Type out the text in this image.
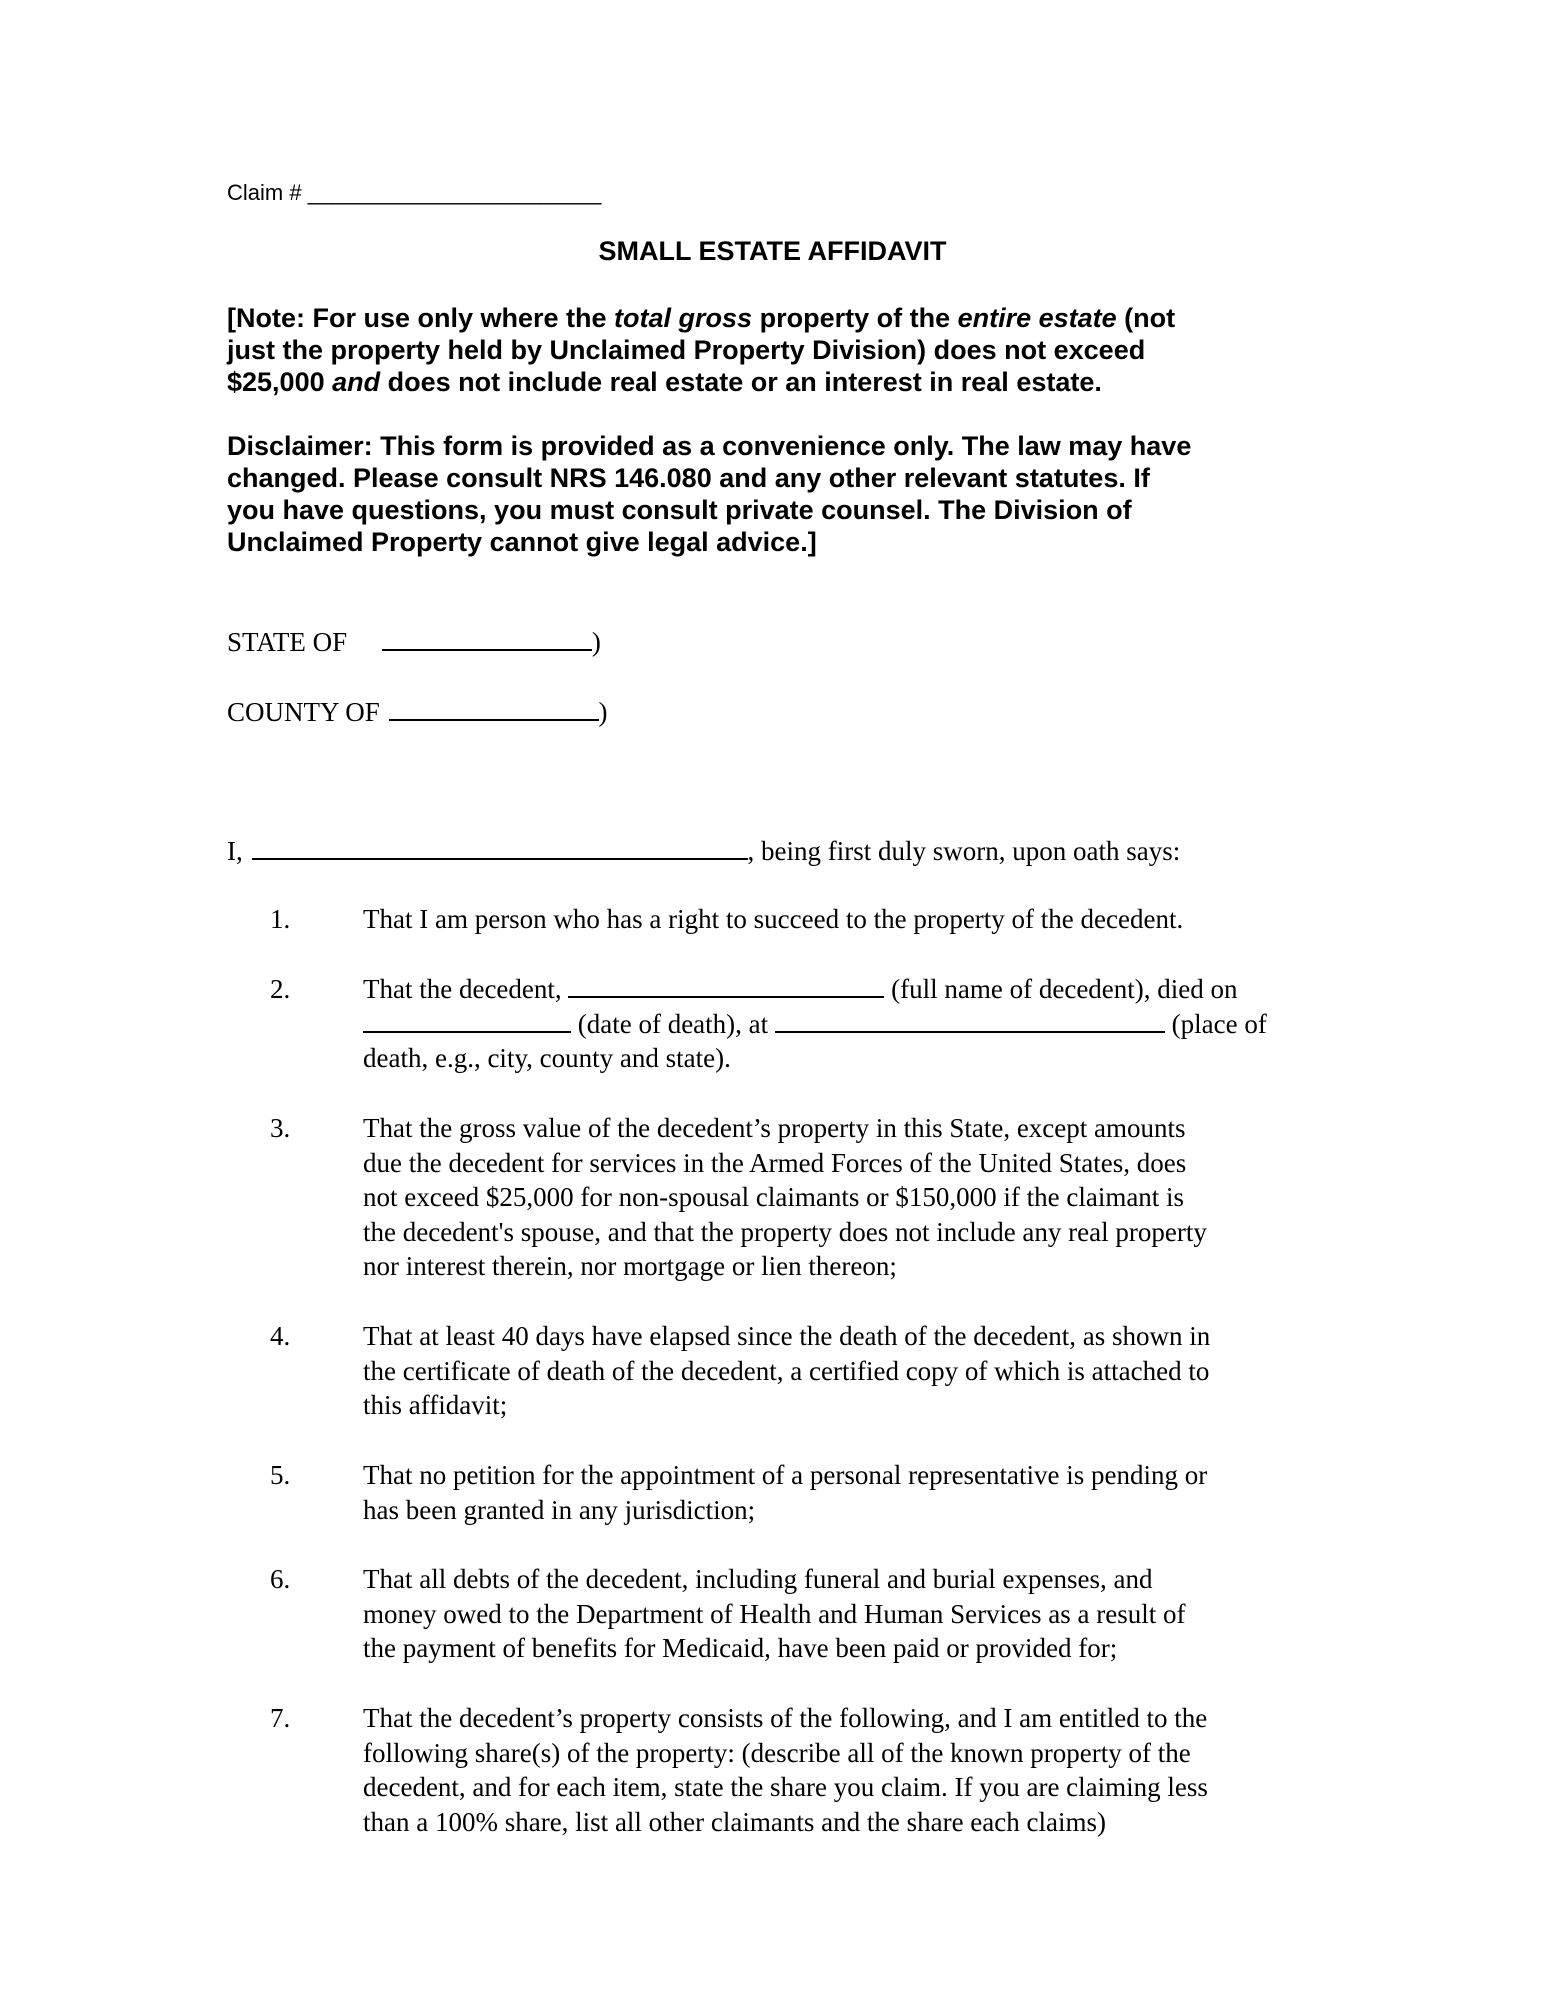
Claim # ________________________
SMALL ESTATE AFFIDAVIT
[Note: For use only where the total gross property of the entire estate (not
just the property held by Unclaimed Property Division) does not exceed
$25,000 and does not include real estate or an interest in real estate.
Disclaimer: This form is provided as a convenience only. The law may have
changed. Please consult NRS 146.080 and any other relevant statutes. If
you have questions, you must consult private counsel. The Division of
Unclaimed Property cannot give legal advice.]
STATE OF	)
COUNTY OF	)
I,	, being first duly sworn, upon oath says:
1.	That I am person who has a right to succeed to the property of the decedent.
2.	That the decedent,	(full name of decedent), died on
(date of death), at	(place of
death, e.g., city, county and state).
3.	That the gross value of the decedent’s property in this State, except amounts
due the decedent for services in the Armed Forces of the United States, does
not exceed $25,000 for non-spousal claimants or $150,000 if the claimant is
the decedent's spouse, and that the property does not include any real property
nor interest therein, nor mortgage or lien thereon;
4.	That at least 40 days have elapsed since the death of the decedent, as shown in
the certificate of death of the decedent, a certified copy of which is attached to
this affidavit;
5.	That no petition for the appointment of a personal representative is pending or
has been granted in any jurisdiction;
6.	That all debts of the decedent, including funeral and burial expenses, and
money owed to the Department of Health and Human Services as a result of
the payment of benefits for Medicaid, have been paid or provided for;
7.	That the decedent’s property consists of the following, and I am entitled to the
following share(s) of the property: (describe all of the known property of the
decedent, and for each item, state the share you claim. If you are claiming less
than a 100% share, list all other claimants and the share each claims)
